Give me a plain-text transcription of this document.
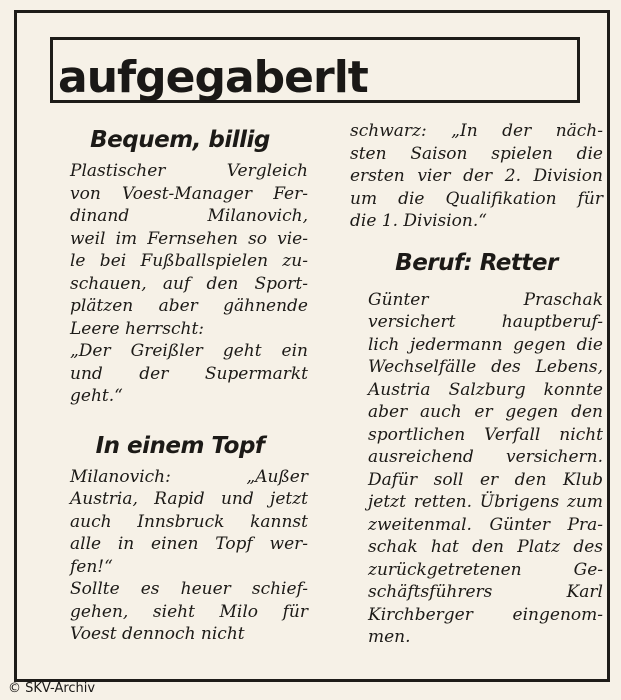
aufgegaberlt
Bequem, billig

Plastischer Vergleich
von Voest-Manager Fer-
dinand Milanovich,
weil im Fernsehen so vie-
le bei Fußballspielen zu-
schauen, auf den Sport-
plätzen aber gähnende
Leere herrscht:

„Der Greißler geht ein
und der Supermarkt
geht.“

In einem Topf

Milanovich: „Außer
Austria, Rapid und jetzt
auch Innsbruck kannst
alle in einen Topf wer-
fen!“

Sollte es heuer schief-
gehen, sieht Milo für
Voest dennoch nicht

schwarz: „In der näch-
sten Saison spielen die
ersten vier der 2. Division
um die Qualifikation für
die 1. Division.“

Beruf: Retter

Günter Praschak
versichert hauptberuf-
lich jedermann gegen die
Wechselfälle des Lebens,
Austria Salzburg konnte
aber auch er gegen den
sportlichen Verfall nicht
ausreichend versichern.
Dafür soll er den Klub
jetzt retten. Übrigens zum
zweitenmal. Günter Pra-
schak hat den Platz des
zurückgetretenen Ge-
schäftsführers Karl
Kirchberger eingenom-
men.

© SKV-Archiv
